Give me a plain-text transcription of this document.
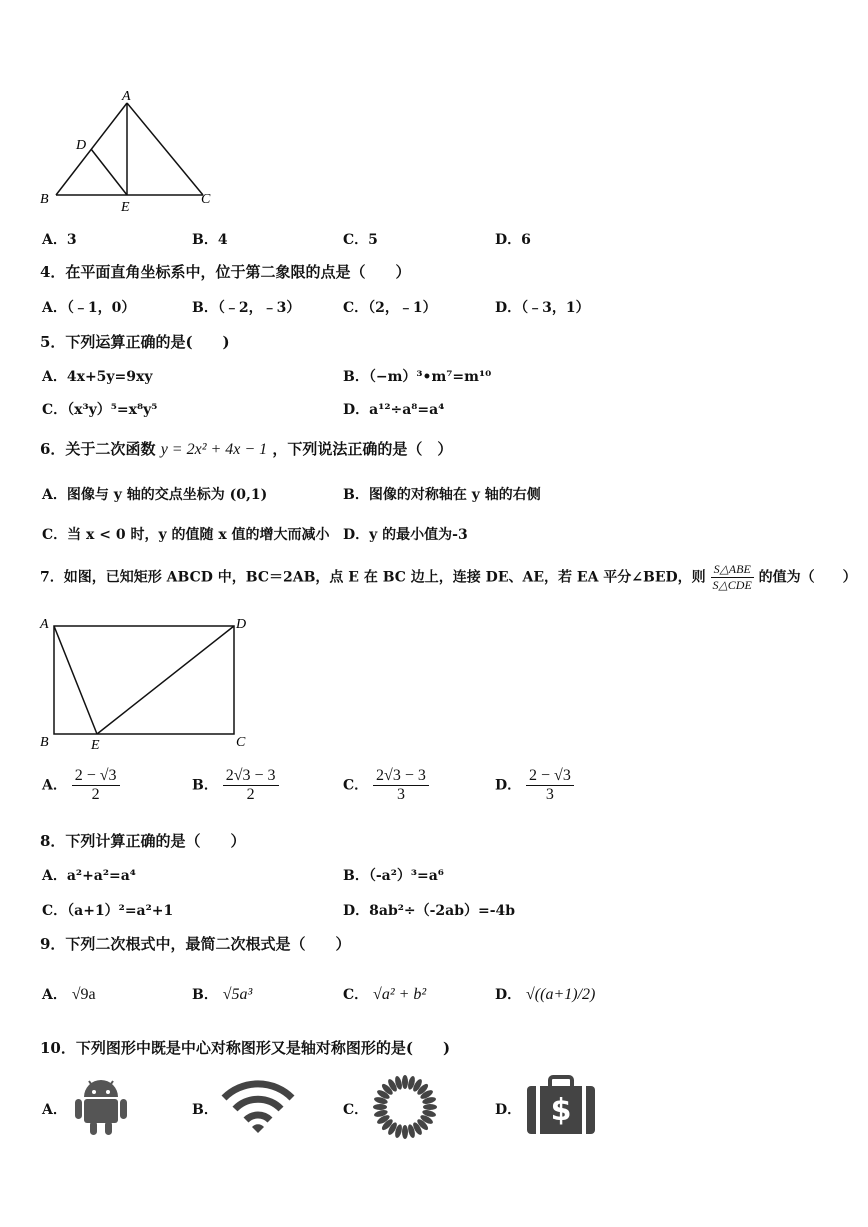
A
D
B
E
C
A．3	B．4	C．5	D．6
4．在平面直角坐标系中，位于第二象限的点是（　　）
A．（﹣1，0）	B．（﹣2，﹣3）	C．（2，﹣1）	D．（﹣3，1）
5．下列运算正确的是(　　)
A．4x+5y=9xy	B．（−m）³•m⁷=m¹⁰
C．（x³y）⁵=x⁸y⁵	D．a¹²÷a⁸=a⁴
6．关于二次函数 y = 2x² + 4x − 1 ，下列说法正确的是（　）
A．图像与 y 轴的交点坐标为 (0,1)	B．图像的对称轴在 y 轴的右侧
C．当 x < 0 时，y 的值随 x 值的增大而减小 D．y 的最小值为-3
7．如图，已知矩形 ABCD 中，BC＝2AB，点 E 在 BC 边上，连接 DE、AE，若 EA 平分∠BED，则 $\frac{\text{S△ABE}}{\text{S△CDE}}$ 的值为（　　）
A	D
B	E	C
A． $\frac{2 - √3}{2}$	B． $\frac{2√3 - 3}{2}$	C． $\frac{2√3 - 3}{3}$	D． $\frac{2 - √3}{3}$
8．下列计算正确的是（　　）
A．a²+a²=a⁴	B．（-a²）³=a⁶
C．（a+1）²=a²+1	D．8ab²÷（-2ab）=-4b
9．下列二次根式中，最简二次根式是（　　）
A． √9a	B． √5a³	C． √a² + b²	D． √((a+1)/2)
10．下列图形中既是中心对称图形又是轴对称图形的是(　　)
A．	B．	C．	D． $
